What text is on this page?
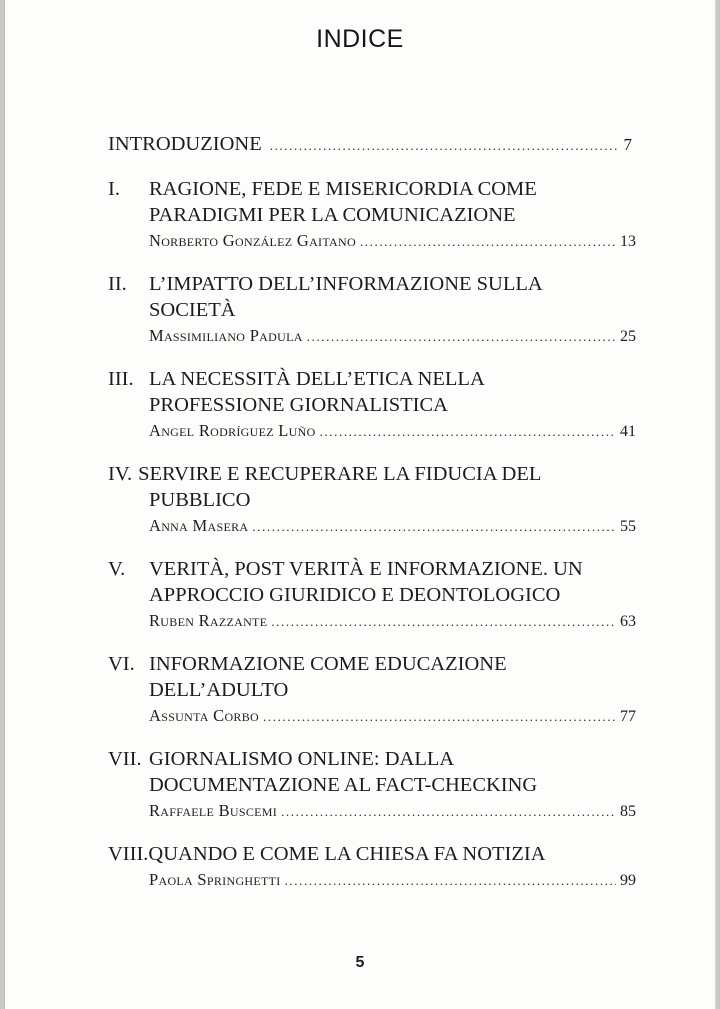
INDICE
INTRODUZIONE .....	7
I. RAGIONE, FEDE E MISERICORDIA COME
PARADIGMI PER LA COMUNICAZIONE
Norberto González Gaitano .....	13
II. L’IMPATTO DELL’INFORMAZIONE SULLA
SOCIETÀ
Massimiliano Padula .....	25
III. LA NECESSITÀ DELL’ETICA NELLA
PROFESSIONE GIORNALISTICA
Angel Rodríguez Luño .....	41
IV. SERVIRE E RECUPERARE LA FIDUCIA DEL
PUBBLICO
Anna Masera .....	55
V. VERITÀ, POST VERITÀ E INFORMAZIONE. UN
APPROCCIO GIURIDICO E DEONTOLOGICO
Ruben Razzante .....	63
VI. INFORMAZIONE COME EDUCAZIONE
DELL’ADULTO
Assunta Corbo .....	77
VII. GIORNALISMO ONLINE: DALLA
DOCUMENTAZIONE AL FACT-CHECKING
Raffaele Buscemi .....	85
VIII.QUANDO E COME LA CHIESA FA NOTIZIA
Paola Springhetti .....	99
5
